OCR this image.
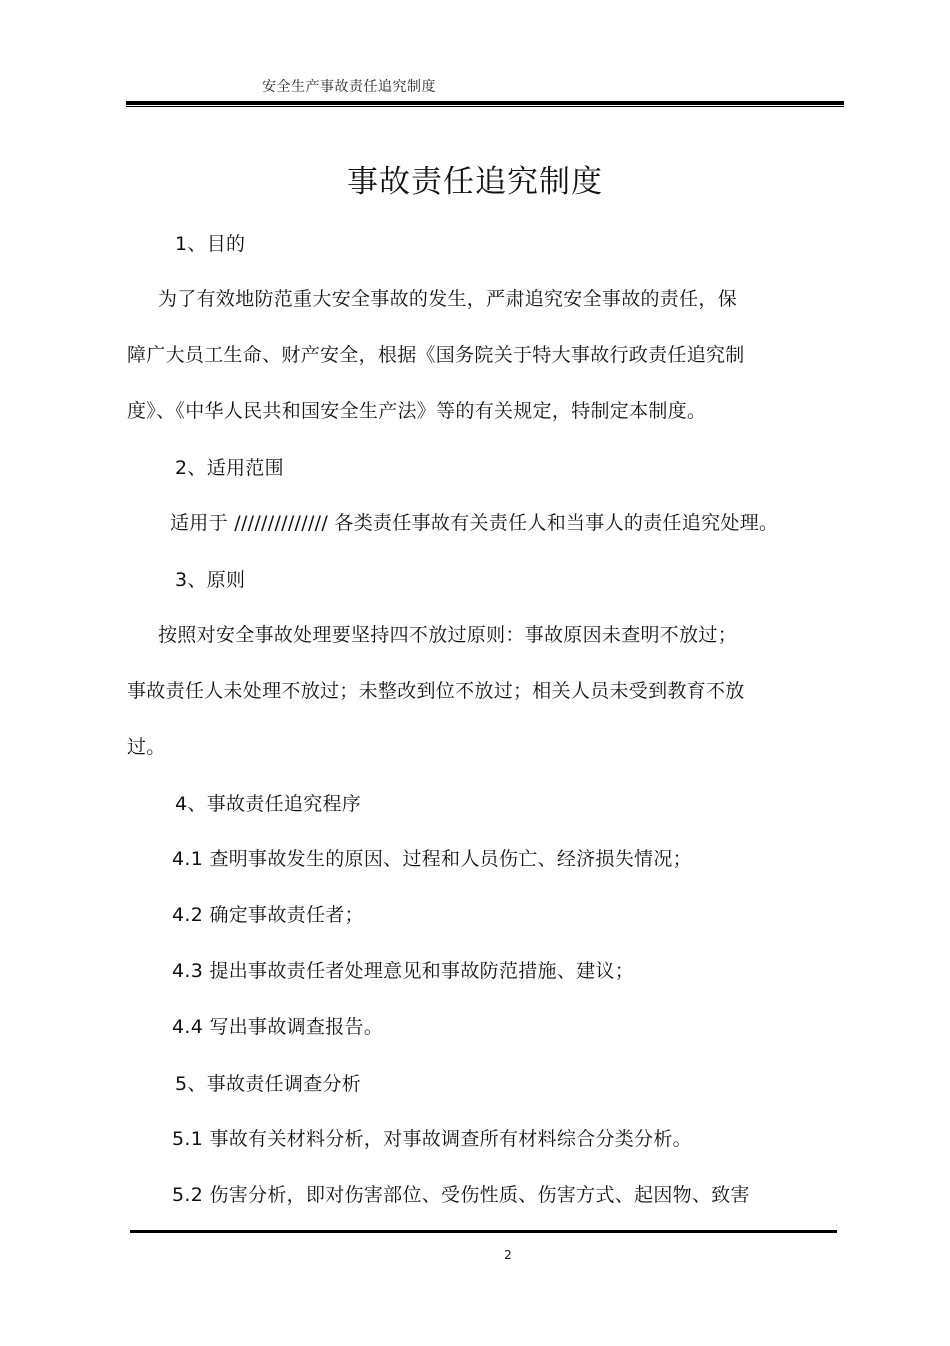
安全生产事故责任追究制度
事故责任追究制度
1、目的
为了有效地防范重大安全事故的发生，严肃追究安全事故的责任，保
障广大员工生命、财产安全，根据《国务院关于特大事故行政责任追究制
度》、《中华人民共和国安全生产法》等的有关规定，特制定本制度。
2、适用范围
适用于 ////////////// 各类责任事故有关责任人和当事人的责任追究处理。
3、原则
按照对安全事故处理要坚持四不放过原则：事故原因未查明不放过；
事故责任人未处理不放过；未整改到位不放过；相关人员未受到教育不放
过。
4、事故责任追究程序
4.1 查明事故发生的原因、过程和人员伤亡、经济损失情况；
4.2 确定事故责任者；
4.3 提出事故责任者处理意见和事故防范措施、建议；
4.4 写出事故调查报告。
5、事故责任调查分析
5.1 事故有关材料分析，对事故调查所有材料综合分类分析。
5.2 伤害分析，即对伤害部位、受伤性质、伤害方式、起因物、致害
2
